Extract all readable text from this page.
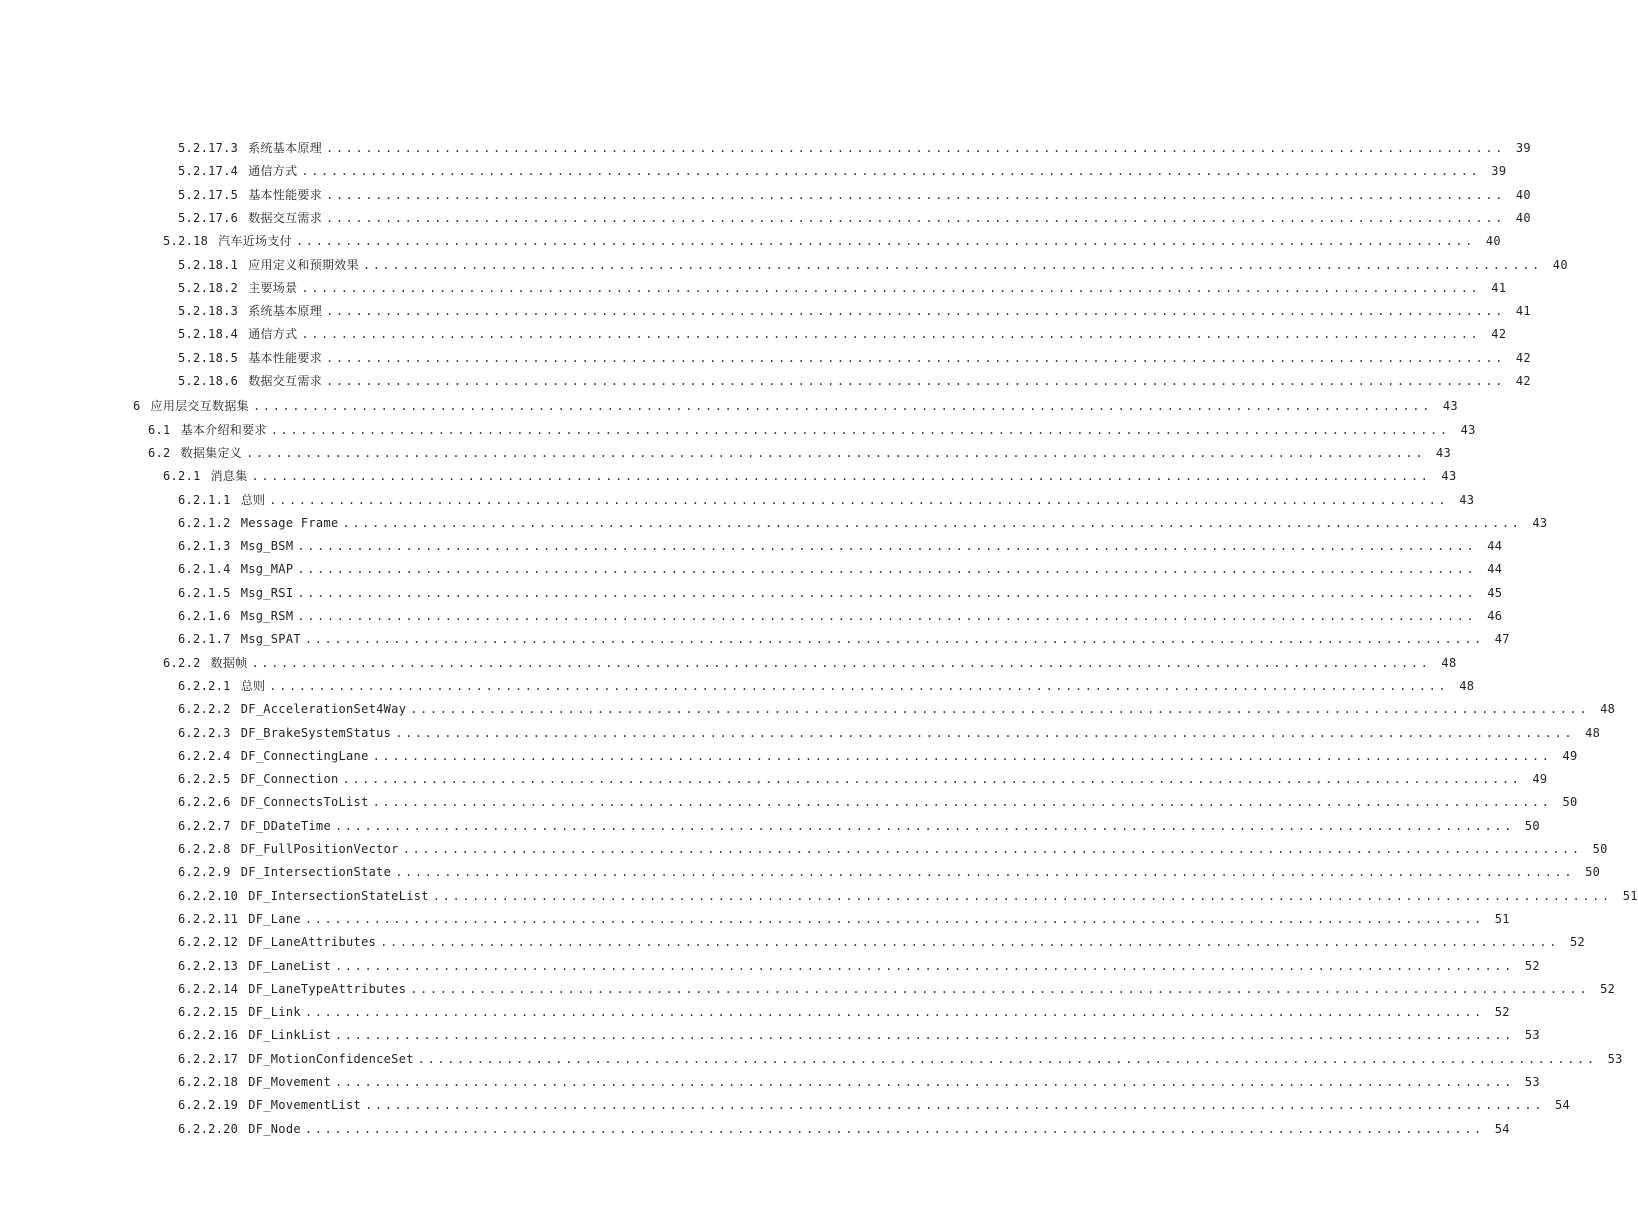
5.2.17.3 系统基本原理 ........................................................................................................................ 39
5.2.17.4 通信方式 ........................................................................................................................ 39
5.2.17.5 基本性能要求 ........................................................................................................................ 40
5.2.17.6 数据交互需求 ........................................................................................................................ 40
5.2.18 汽车近场支付 ........................................................................................................................ 40
5.2.18.1 应用定义和预期效果 ........................................................................................................................ 40
5.2.18.2 主要场景 ........................................................................................................................ 41
5.2.18.3 系统基本原理 ........................................................................................................................ 41
5.2.18.4 通信方式 ........................................................................................................................ 42
5.2.18.5 基本性能要求 ........................................................................................................................ 42
5.2.18.6 数据交互需求 ........................................................................................................................ 42
6 应用层交互数据集 ........................................................................................................................ 43
6.1 基本介绍和要求 ........................................................................................................................ 43
6.2 数据集定义 ........................................................................................................................ 43
6.2.1 消息集 ........................................................................................................................ 43
6.2.1.1 总则 ........................................................................................................................ 43
6.2.1.2 Message Frame ........................................................................................................................ 43
6.2.1.3 Msg_BSM ........................................................................................................................ 44
6.2.1.4 Msg_MAP ........................................................................................................................ 44
6.2.1.5 Msg_RSI ........................................................................................................................ 45
6.2.1.6 Msg_RSM ........................................................................................................................ 46
6.2.1.7 Msg_SPAT ........................................................................................................................ 47
6.2.2 数据帧 ........................................................................................................................ 48
6.2.2.1 总则 ........................................................................................................................ 48
6.2.2.2 DF_AccelerationSet4Way ........................................................................................................................ 48
6.2.2.3 DF_BrakeSystemStatus ........................................................................................................................ 48
6.2.2.4 DF_ConnectingLane ........................................................................................................................ 49
6.2.2.5 DF_Connection ........................................................................................................................ 49
6.2.2.6 DF_ConnectsToList ........................................................................................................................ 50
6.2.2.7 DF_DDateTime ........................................................................................................................ 50
6.2.2.8 DF_FullPositionVector ........................................................................................................................ 50
6.2.2.9 DF_IntersectionState ........................................................................................................................ 50
6.2.2.10 DF_IntersectionStateList ........................................................................................................................ 51
6.2.2.11 DF_Lane ........................................................................................................................ 51
6.2.2.12 DF_LaneAttributes ........................................................................................................................ 52
6.2.2.13 DF_LaneList ........................................................................................................................ 52
6.2.2.14 DF_LaneTypeAttributes ........................................................................................................................ 52
6.2.2.15 DF_Link ........................................................................................................................ 52
6.2.2.16 DF_LinkList ........................................................................................................................ 53
6.2.2.17 DF_MotionConfidenceSet ........................................................................................................................ 53
6.2.2.18 DF_Movement ........................................................................................................................ 53
6.2.2.19 DF_MovementList ........................................................................................................................ 54
6.2.2.20 DF_Node ........................................................................................................................ 54
